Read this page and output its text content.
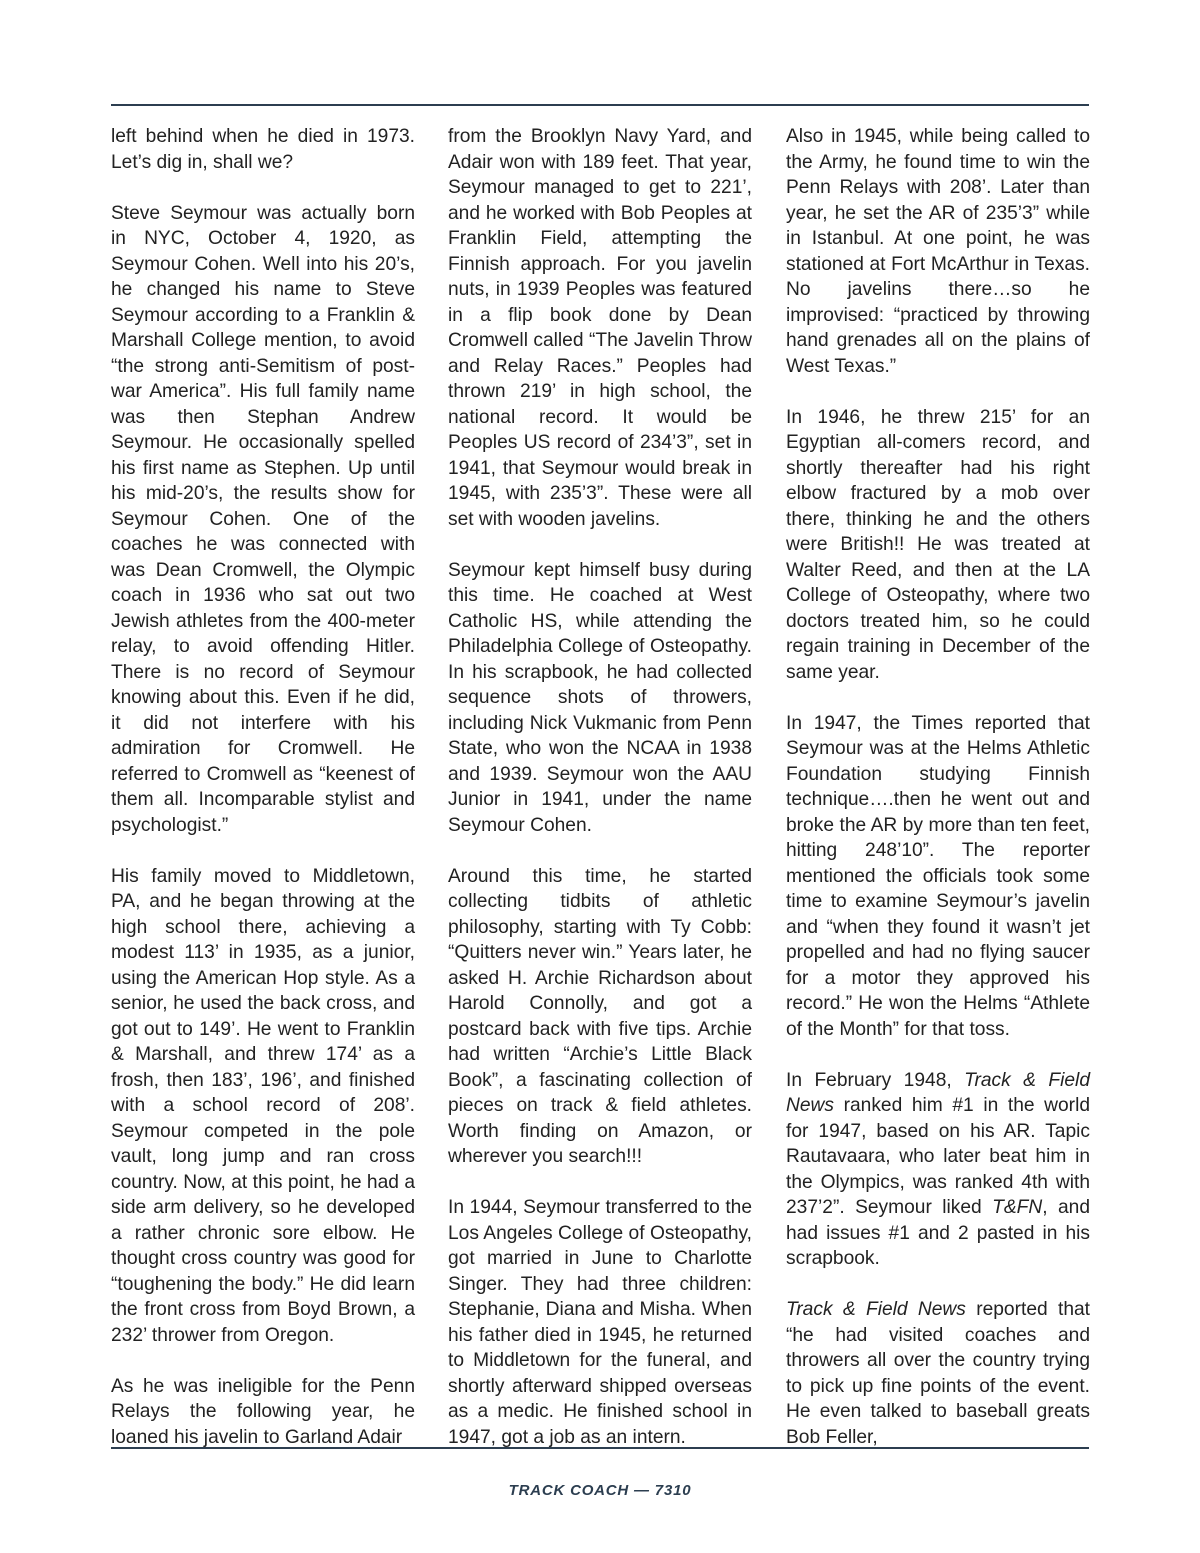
left behind when he died in 1973. Let’s dig in, shall we?

Steve Seymour was actually born in NYC, October 4, 1920, as Seymour Cohen. Well into his 20’s, he changed his name to Steve Seymour according to a Franklin & Marshall College mention, to avoid “the strong anti-Semitism of post-war America”. His full family name was then Stephan Andrew Seymour. He occasionally spelled his first name as Stephen. Up until his mid-20’s, the results show for Seymour Cohen. One of the coaches he was connected with was Dean Cromwell, the Olympic coach in 1936 who sat out two Jewish athletes from the 400-meter relay, to avoid offending Hitler. There is no record of Seymour knowing about this. Even if he did, it did not interfere with his admiration for Cromwell. He referred to Cromwell as “keenest of them all. Incomparable stylist and psychologist.”

His family moved to Middletown, PA, and he began throwing at the high school there, achieving a modest 113’ in 1935, as a junior, using the American Hop style. As a senior, he used the back cross, and got out to 149’. He went to Franklin & Marshall, and threw 174’ as a frosh, then 183’, 196’, and finished with a school record of 208’. Seymour competed in the pole vault, long jump and ran cross country. Now, at this point, he had a side arm delivery, so he developed a rather chronic sore elbow. He thought cross country was good for “toughening the body.” He did learn the front cross from Boyd Brown, a 232’ thrower from Oregon.

As he was ineligible for the Penn Relays the following year, he loaned his javelin to Garland Adair

from the Brooklyn Navy Yard, and Adair won with 189 feet. That year, Seymour managed to get to 221’, and he worked with Bob Peoples at Franklin Field, attempting the Finnish approach. For you javelin nuts, in 1939 Peoples was featured in a flip book done by Dean Cromwell called “The Javelin Throw and Relay Races.” Peoples had thrown 219’ in high school, the national record. It would be Peoples US record of 234’3”, set in 1941, that Seymour would break in 1945, with 235’3”. These were all set with wooden javelins.

Seymour kept himself busy during this time. He coached at West Catholic HS, while attending the Philadelphia College of Osteopathy. In his scrapbook, he had collected sequence shots of throwers, including Nick Vukmanic from Penn State, who won the NCAA in 1938 and 1939. Seymour won the AAU Junior in 1941, under the name Seymour Cohen.

Around this time, he started collecting tidbits of athletic philosophy, starting with Ty Cobb: “Quitters never win.” Years later, he asked H. Archie Richardson about Harold Connolly, and got a postcard back with five tips. Archie had written “Archie’s Little Black Book”, a fascinating collection of pieces on track & field athletes. Worth finding on Amazon, or wherever you search!!!

In 1944, Seymour transferred to the Los Angeles College of Osteopathy, got married in June to Charlotte Singer. They had three children: Stephanie, Diana and Misha. When his father died in 1945, he returned to Middletown for the funeral, and shortly afterward shipped overseas as a medic. He finished school in 1947, got a job as an intern.

Also in 1945, while being called to the Army, he found time to win the Penn Relays with 208’. Later than year, he set the AR of 235’3” while in Istanbul. At one point, he was stationed at Fort McArthur in Texas. No javelins there…so he improvised: “practiced by throwing hand grenades all on the plains of West Texas.”

In 1946, he threw 215’ for an Egyptian all-comers record, and shortly thereafter had his right elbow fractured by a mob over there, thinking he and the others were British!! He was treated at Walter Reed, and then at the LA College of Osteopathy, where two doctors treated him, so he could regain training in December of the same year.

In 1947, the Times reported that Seymour was at the Helms Athletic Foundation studying Finnish technique….then he went out and broke the AR by more than ten feet, hitting 248’10”. The reporter mentioned the officials took some time to examine Seymour’s javelin and “when they found it wasn’t jet propelled and had no flying saucer for a motor they approved his record.” He won the Helms “Athlete of the Month” for that toss.

In February 1948, Track & Field News ranked him #1 in the world for 1947, based on his AR. Tapic Rautavaara, who later beat him in the Olympics, was ranked 4th with 237’2”. Seymour liked T&FN, and had issues #1 and 2 pasted in his scrapbook.

Track & Field News reported that “he had visited coaches and throwers all over the country trying to pick up fine points of the event. He even talked to baseball greats Bob Feller,

TRACK COACH — 7310
